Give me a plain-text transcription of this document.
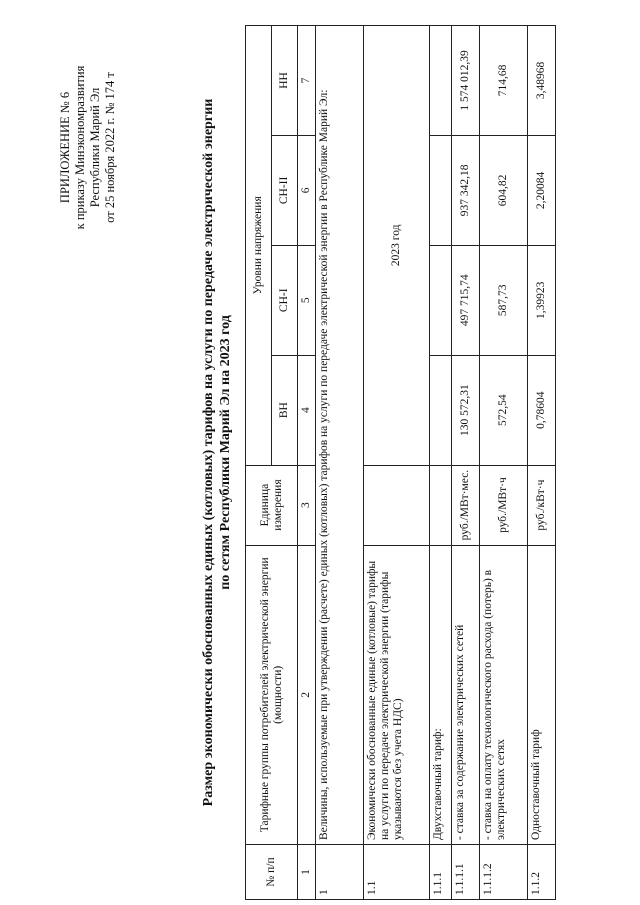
ПРИЛОЖЕНИЕ № 6 к приказу Минэкономразвития Республики Марий Эл от 25 ноября 2022 г. № 174 т	Размер экономически обоснованных единых (котловых) тарифов на услуги по передаче электрической энергии по сетям Республики Марий Эл на 2023 год
№ п/п	Тарифные группы потребителей электрической энергии (мощности)	Единица измерения	Уровни напряжения			
			ВН	СН-I	СН-II	НН
1	2	3	4	5	6	7
1	Величины, используемые при утверждении (расчете) единых (котловых) тарифов на услуги по передаче электрической энергии в Республике Марий Эл:					
1.1	Экономически обоснованные единые (котловые) тарифы на услуги по передаче электрической энергии (тарифы указываются без учета НДС)		2023 год			
1.1.1	Двухставочный тариф:					
1.1.1.1	- ставка за содержание электрических сетей	руб./МВт·мес.	130 572,31	497 715,74	937 342,18	1 574 012,39
1.1.1.2	- ставка на оплату технологического расхода (потерь) в электрических сетях	руб./МВт·ч	572,54	587,73	604,82	714,68
1.1.2	Одноставочный тариф	руб./кВт·ч	0,78604	1,39923	2,20084	3,48968
